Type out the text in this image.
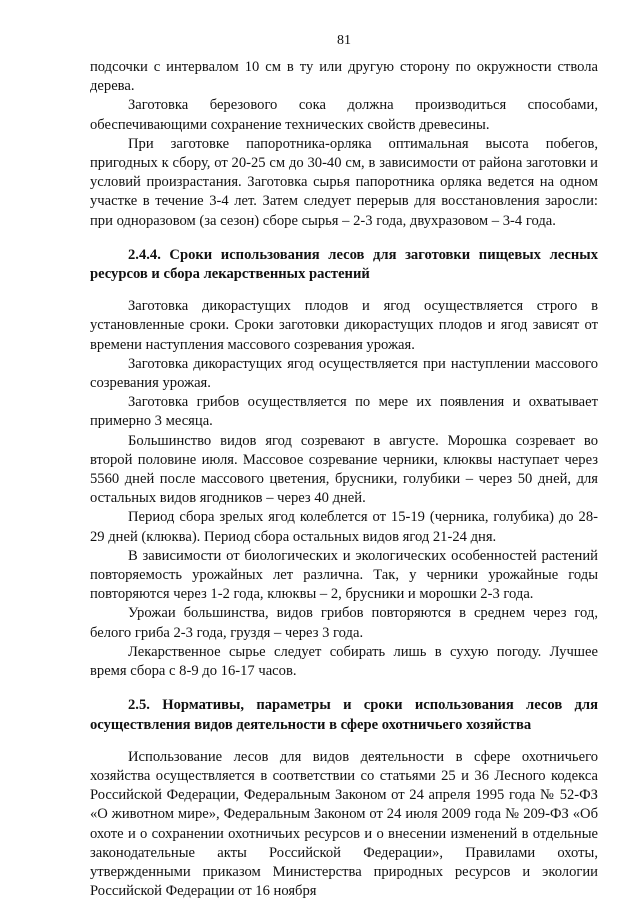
81

подсочки с интервалом 10 см в ту или другую сторону по окружности ствола дерева.

Заготовка березового сока должна производиться способами, обеспечивающими сохранение технических свойств древесины.

При заготовке папоротника-орляка оптимальная высота побегов, пригодных к сбору, от 20-25 см до 30-40 см, в зависимости от района заготовки и условий произрастания. Заготовка сырья папоротника орляка ведется на одном участке в течение 3-4 лет. Затем следует перерыв для восстановления заросли: при одноразовом (за сезон) сборе сырья – 2-3 года, двухразовом – 3-4 года.

2.4.4. Сроки использования лесов для заготовки пищевых лесных ресурсов и сбора лекарственных растений

Заготовка дикорастущих плодов и ягод осуществляется строго в установленные сроки. Сроки заготовки дикорастущих плодов и ягод зависят от времени наступления массового созревания урожая.

Заготовка дикорастущих ягод осуществляется при наступлении массового созревания урожая.

Заготовка грибов осуществляется по мере их появления и охватывает примерно 3 месяца.

Большинство видов ягод созревают в августе. Морошка созревает во второй половине июля. Массовое созревание черники, клюквы наступает через 5560 дней после массового цветения, брусники, голубики – через 50 дней, для остальных видов ягодников – через 40 дней.

Период сбора зрелых ягод колеблется от 15-19 (черника, голубика) до 28-29 дней (клюква). Период сбора остальных видов ягод 21-24 дня.

В зависимости от биологических и экологических особенностей растений повторяемость урожайных лет различна. Так, у черники урожайные годы повторяются через 1-2 года, клюквы – 2, брусники и морошки 2-3 года.

Урожаи большинства, видов грибов повторяются в среднем через год, белого гриба 2-3 года, груздя – через 3 года.

Лекарственное сырье следует собирать лишь в сухую погоду. Лучшее время сбора с 8-9 до 16-17 часов.

2.5. Нормативы, параметры и сроки использования лесов для осуществления видов деятельности в сфере охотничьего хозяйства

Использование лесов для видов деятельности в сфере охотничьего хозяйства осуществляется в соответствии со статьями 25 и 36 Лесного кодекса Российской Федерации, Федеральным Законом от 24 апреля 1995 года № 52-ФЗ «О животном мире», Федеральным Законом от 24 июля 2009 года № 209-ФЗ «Об охоте и о сохранении охотничьих ресурсов и о внесении изменений в отдельные законодательные акты Российской Федерации», Правилами охоты, утвержденными приказом Министерства природных ресурсов и экологии Российской Федерации от 16 ноября
